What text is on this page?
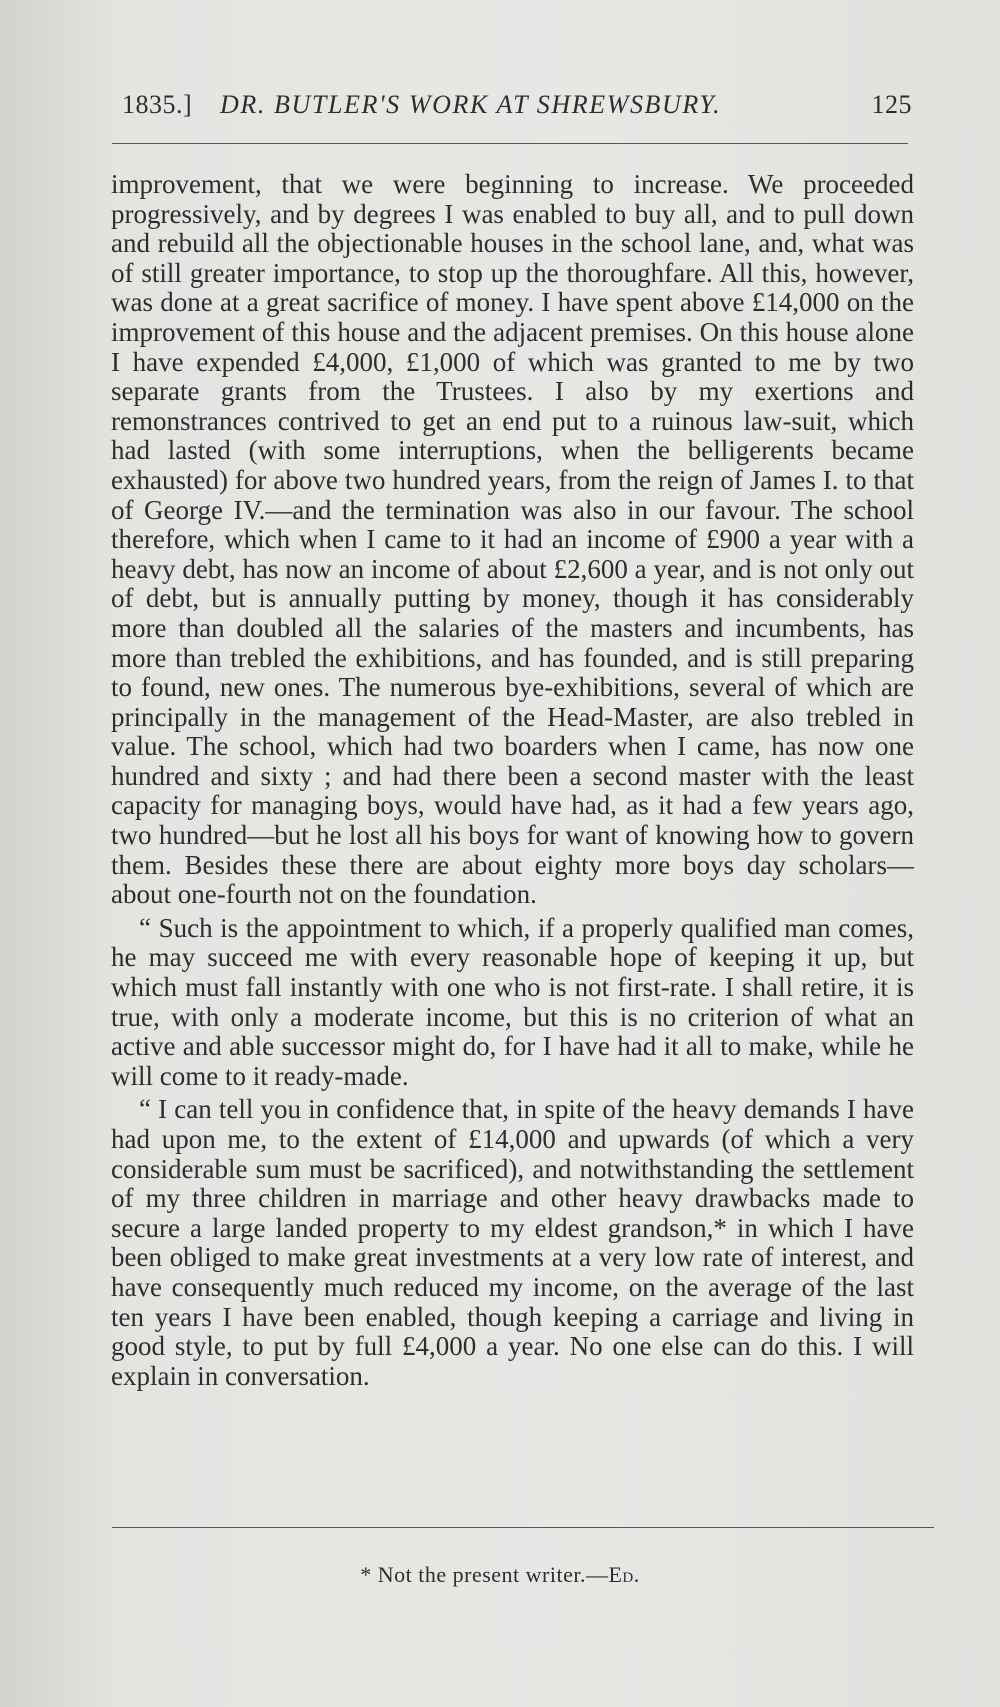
1835.] DR. BUTLER'S WORK AT SHREWSBURY.	125

improvement, that we were beginning to increase. We proceeded progressively, and by degrees I was enabled to buy all, and to pull down and rebuild all the objectionable houses in the school lane, and, what was of still greater importance, to stop up the thoroughfare. All this, however, was done at a great sacrifice of money. I have spent above £14,000 on the improvement of this house and the adjacent premises. On this house alone I have expended £4,000, £1,000 of which was granted to me by two separate grants from the Trustees. I also by my exertions and remonstrances contrived to get an end put to a ruinous law-suit, which had lasted (with some interruptions, when the belligerents became exhausted) for above two hundred years, from the reign of James I. to that of George IV.—and the termination was also in our favour. The school therefore, which when I came to it had an income of £900 a year with a heavy debt, has now an income of about £2,600 a year, and is not only out of debt, but is annually putting by money, though it has considerably more than doubled all the salaries of the masters and incumbents, has more than trebled the exhibitions, and has founded, and is still preparing to found, new ones. The numerous bye-exhibitions, several of which are principally in the management of the Head-Master, are also trebled in value. The school, which had two boarders when I came, has now one hundred and sixty ; and had there been a second master with the least capacity for managing boys, would have had, as it had a few years ago, two hundred—but he lost all his boys for want of knowing how to govern them. Besides these there are about eighty more boys day scholars—about one-fourth not on the foundation.

“ Such is the appointment to which, if a properly qualified man comes, he may succeed me with every reasonable hope of keeping it up, but which must fall instantly with one who is not first-rate. I shall retire, it is true, with only a moderate income, but this is no criterion of what an active and able successor might do, for I have had it all to make, while he will come to it ready-made.

“ I can tell you in confidence that, in spite of the heavy demands I have had upon me, to the extent of £14,000 and upwards (of which a very considerable sum must be sacrificed), and notwithstanding the settlement of my three children in marriage and other heavy drawbacks made to secure a large landed property to my eldest grandson,* in which I have been obliged to make great investments at a very low rate of interest, and have consequently much reduced my income, on the average of the last ten years I have been enabled, though keeping a carriage and living in good style, to put by full £4,000 a year. No one else can do this. I will explain in conversation.

* Not the present writer.—Ed.
